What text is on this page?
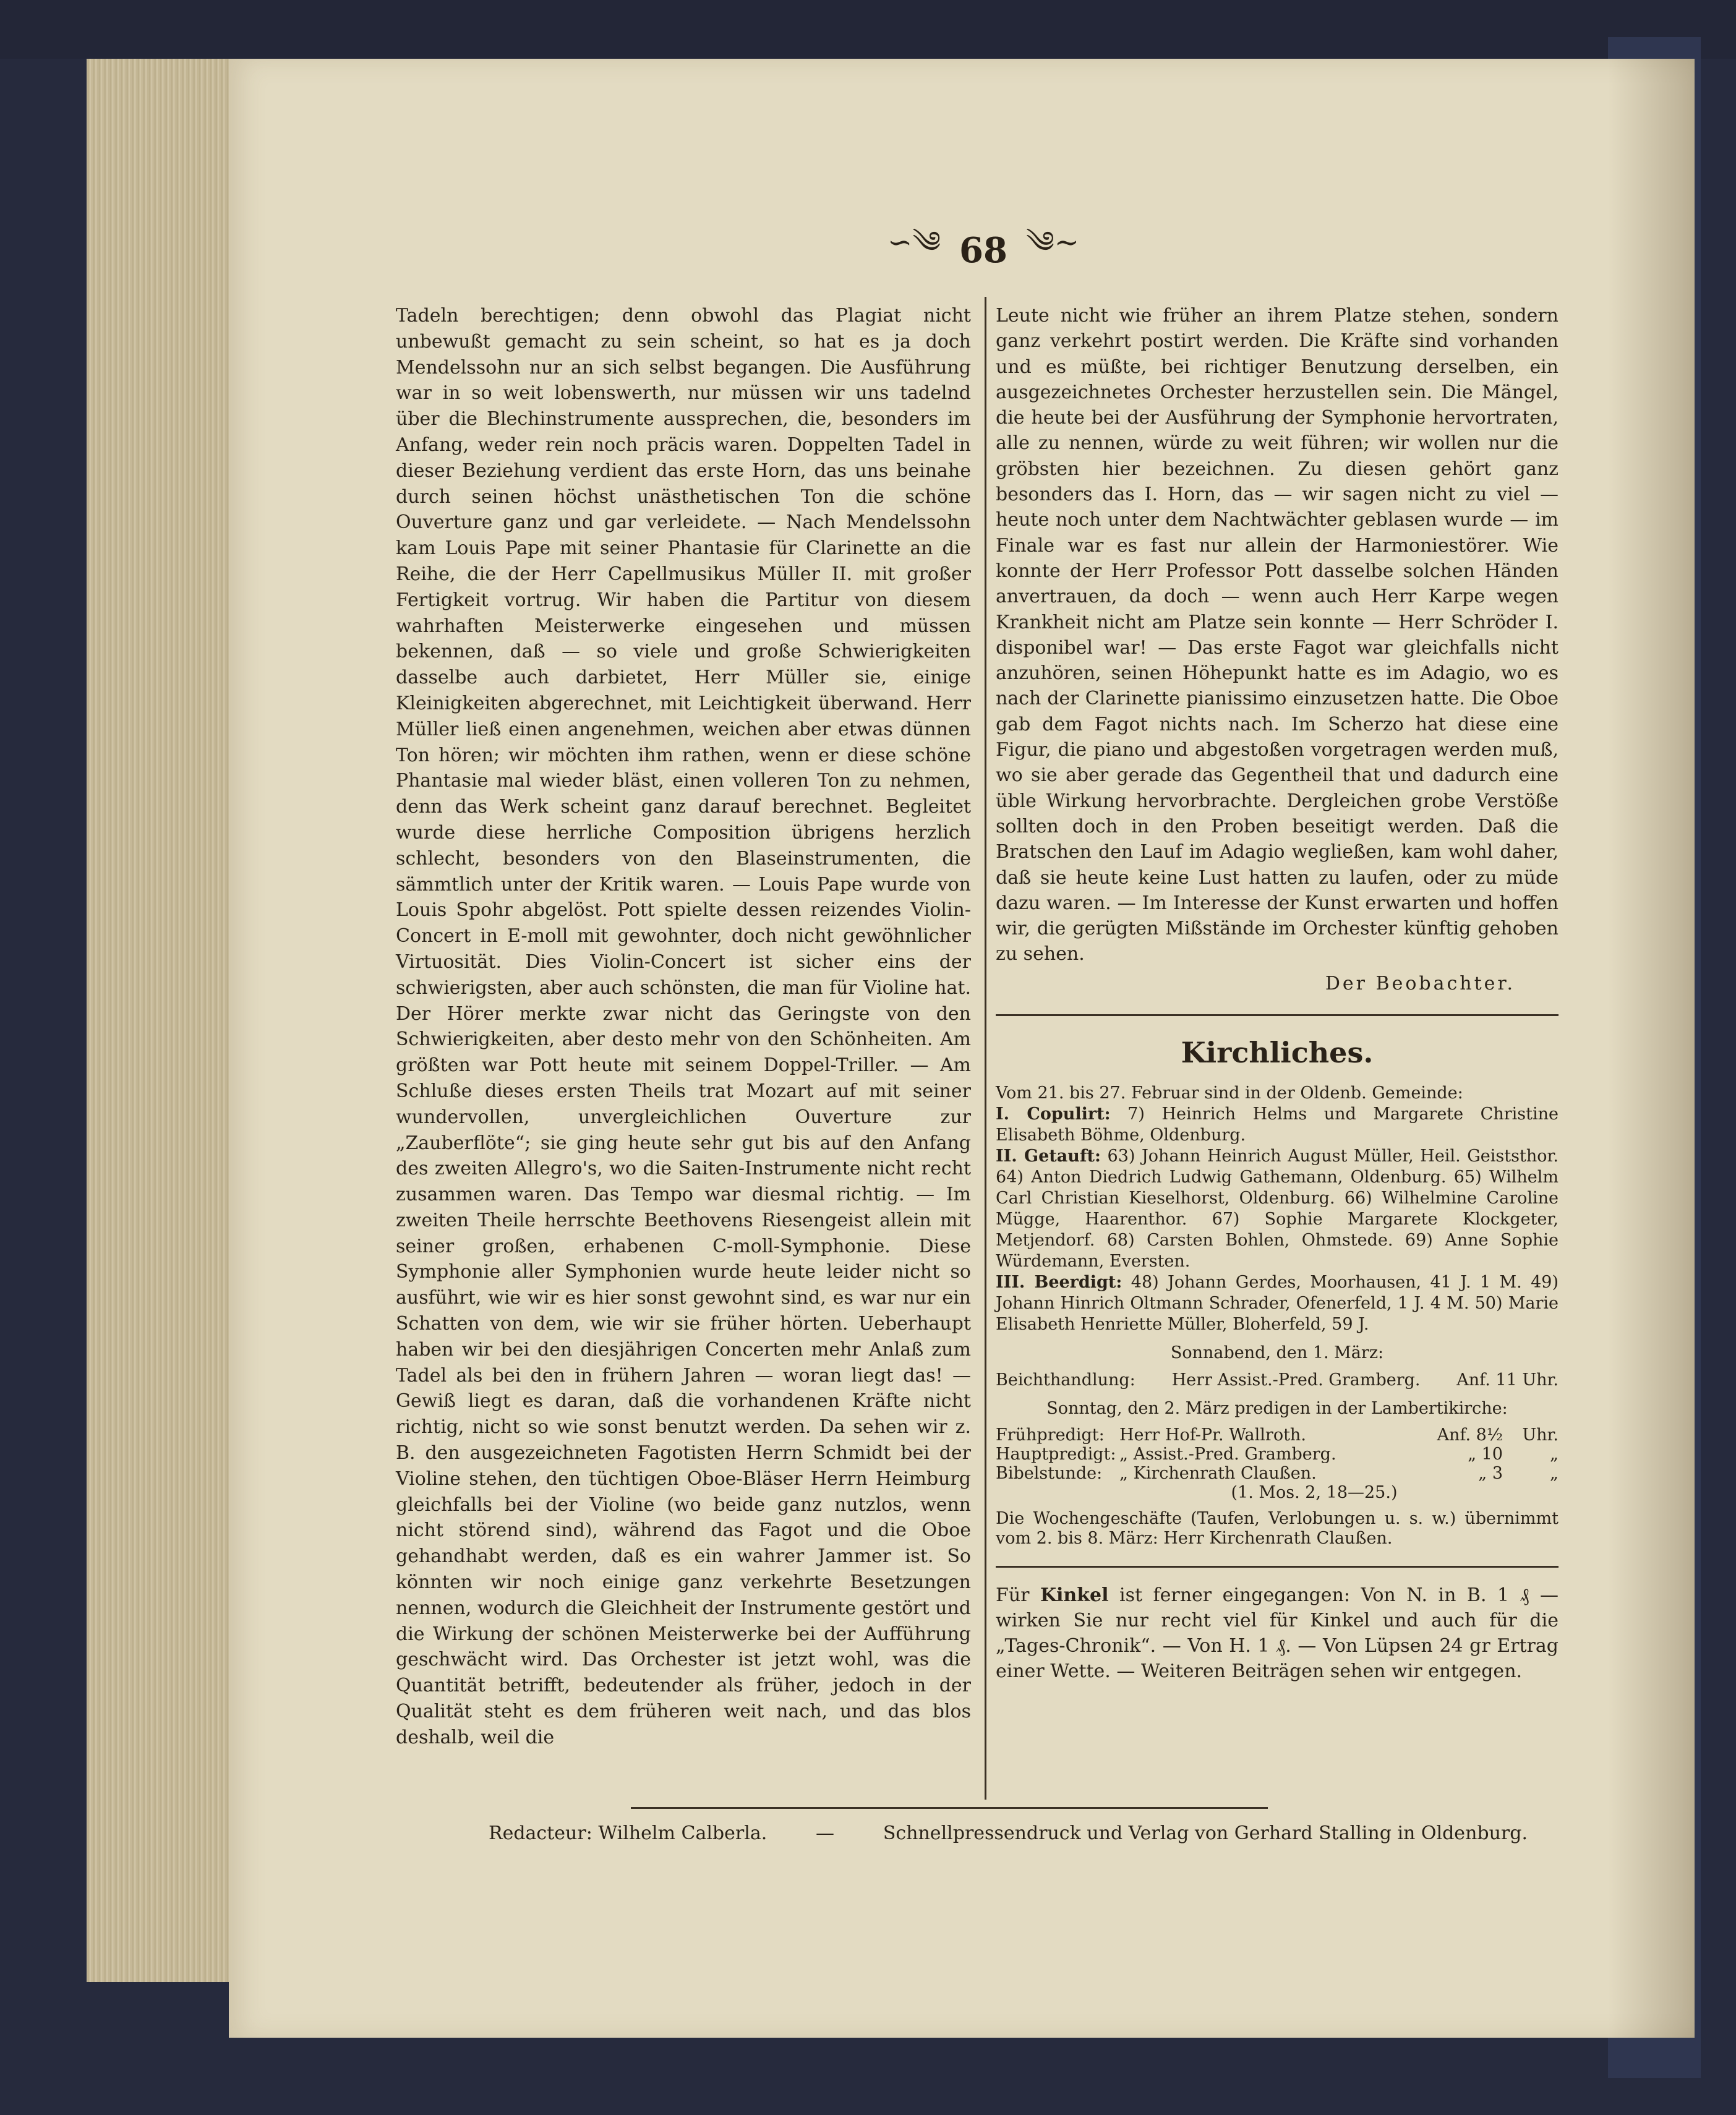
∽༄ 68 ༄∼

Tadeln berechtigen; denn obwohl das Plagiat nicht unbewußt gemacht zu sein scheint, so hat es ja doch Mendelssohn nur an sich selbst begangen. Die Ausführung war in so weit lobenswerth, nur müssen wir uns tadelnd über die Blechinstrumente aussprechen, die, besonders im Anfang, weder rein noch präcis waren. Doppelten Tadel in dieser Beziehung verdient das erste Horn, das uns beinahe durch seinen höchst unästhetischen Ton die schöne Ouverture ganz und gar verleidete. — Nach Mendelssohn kam Louis Pape mit seiner Phantasie für Clarinette an die Reihe, die der Herr Capellmusikus Müller II. mit großer Fertigkeit vortrug. Wir haben die Partitur von diesem wahrhaften Meisterwerke eingesehen und müssen bekennen, daß — so viele und große Schwierigkeiten dasselbe auch darbietet, Herr Müller sie, einige Kleinigkeiten abgerechnet, mit Leichtigkeit überwand. Herr Müller ließ einen angenehmen, weichen aber etwas dünnen Ton hören; wir möchten ihm rathen, wenn er diese schöne Phantasie mal wieder bläst, einen volleren Ton zu nehmen, denn das Werk scheint ganz darauf berechnet. Begleitet wurde diese herrliche Composition übrigens herzlich schlecht, besonders von den Blaseinstrumenten, die sämmtlich unter der Kritik waren. — Louis Pape wurde von Louis Spohr abgelöst. Pott spielte dessen reizendes Violin-Concert in E-moll mit gewohnter, doch nicht gewöhnlicher Virtuosität. Dies Violin-Concert ist sicher eins der schwierigsten, aber auch schönsten, die man für Violine hat. Der Hörer merkte zwar nicht das Geringste von den Schwierigkeiten, aber desto mehr von den Schönheiten. Am größten war Pott heute mit seinem Doppel-Triller. — Am Schluße dieses ersten Theils trat Mozart auf mit seiner wundervollen, unvergleichlichen Ouverture zur „Zauberflöte“; sie ging heute sehr gut bis auf den Anfang des zweiten Allegro's, wo die Saiten-Instrumente nicht recht zusammen waren. Das Tempo war diesmal richtig. — Im zweiten Theile herrschte Beethovens Riesengeist allein mit seiner großen, erhabenen C-moll-Symphonie. Diese Symphonie aller Symphonien wurde heute leider nicht so ausführt, wie wir es hier sonst gewohnt sind, es war nur ein Schatten von dem, wie wir sie früher hörten. Ueberhaupt haben wir bei den diesjährigen Concerten mehr Anlaß zum Tadel als bei den in frühern Jahren — woran liegt das! — Gewiß liegt es daran, daß die vorhandenen Kräfte nicht richtig, nicht so wie sonst benutzt werden. Da sehen wir z. B. den ausgezeichneten Fagotisten Herrn Schmidt bei der Violine stehen, den tüchtigen Oboe-Bläser Herrn Heimburg gleichfalls bei der Violine (wo beide ganz nutzlos, wenn nicht störend sind), während das Fagot und die Oboe gehandhabt werden, daß es ein wahrer Jammer ist. So könnten wir noch einige ganz verkehrte Besetzungen nennen, wodurch die Gleichheit der Instrumente gestört und die Wirkung der schönen Meisterwerke bei der Aufführung geschwächt wird. Das Orchester ist jetzt wohl, was die Quantität betrifft, bedeutender als früher, jedoch in der Qualität steht es dem früheren weit nach, und das blos deshalb, weil die

Leute nicht wie früher an ihrem Platze stehen, sondern ganz verkehrt postirt werden. Die Kräfte sind vorhanden und es müßte, bei richtiger Benutzung derselben, ein ausgezeichnetes Orchester herzustellen sein. Die Mängel, die heute bei der Ausführung der Symphonie hervortraten, alle zu nennen, würde zu weit führen; wir wollen nur die gröbsten hier bezeichnen. Zu diesen gehört ganz besonders das I. Horn, das — wir sagen nicht zu viel — heute noch unter dem Nachtwächter geblasen wurde — im Finale war es fast nur allein der Harmoniestörer. Wie konnte der Herr Professor Pott dasselbe solchen Händen anvertrauen, da doch — wenn auch Herr Karpe wegen Krankheit nicht am Platze sein konnte — Herr Schröder I. disponibel war! — Das erste Fagot war gleichfalls nicht anzuhören, seinen Höhepunkt hatte es im Adagio, wo es nach der Clarinette pianissimo einzusetzen hatte. Die Oboe gab dem Fagot nichts nach. Im Scherzo hat diese eine Figur, die piano und abgestoßen vorgetragen werden muß, wo sie aber gerade das Gegentheil that und dadurch eine üble Wirkung hervorbrachte. Dergleichen grobe Verstöße sollten doch in den Proben beseitigt werden. Daß die Bratschen den Lauf im Adagio wegließen, kam wohl daher, daß sie heute keine Lust hatten zu laufen, oder zu müde dazu waren. — Im Interesse der Kunst erwarten und hoffen wir, die gerügten Mißstände im Orchester künftig gehoben zu sehen.

Der Beobachter.

Kirchliches.

Vom 21. bis 27. Februar sind in der Oldenb. Gemeinde:

I. Copulirt: 7) Heinrich Helms und Margarete Christine Elisabeth Böhme, Oldenburg.

II. Getauft: 63) Johann Heinrich August Müller, Heil. Geiststhor. 64) Anton Diedrich Ludwig Gathemann, Oldenburg. 65) Wilhelm Carl Christian Kieselhorst, Oldenburg. 66) Wilhelmine Caroline Mügge, Haarenthor. 67) Sophie Margarete Klockgeter, Metjendorf. 68) Carsten Bohlen, Ohmstede. 69) Anne Sophie Würdemann, Eversten.

III. Beerdigt: 48) Johann Gerdes, Moorhausen, 41 J. 1 M. 49) Johann Hinrich Oltmann Schrader, Ofenerfeld, 1 J. 4 M. 50) Marie Elisabeth Henriette Müller, Bloherfeld, 59 J.

Sonnabend, den 1. März:
Beichthandlung: Herr Assist.-Pred. Gramberg. Anf. 11 Uhr.
Sonntag, den 2. März predigen in der Lambertikirche:
Frühpredigt: Herr Hof-Pr. Wallroth.	Anf. 8½	Uhr.
Hauptpredigt: „ Assist.-Pred. Gramberg.	„ 10	„
Bibelstunde:	„ Kirchenrath Claußen.	„ 3	„
(1. Mos. 2, 18—25.)
Die Wochengeschäfte (Taufen, Verlobungen u. s. w.) übernimmt vom 2. bis 8. März: Herr Kirchenrath Claußen.

Für Kinkel ist ferner eingegangen: Von N. in B. 1 ₰ — wirken Sie nur recht viel für Kinkel und auch für die „Tages-Chronik“. — Von H. 1 ₰. — Von Lüpsen 24 gr Ertrag einer Wette. — Weiteren Beiträgen sehen wir entgegen.

Redacteur: Wilhelm Calberla.	—	Schnellpressendruck und Verlag von Gerhard Stalling in Oldenburg.
